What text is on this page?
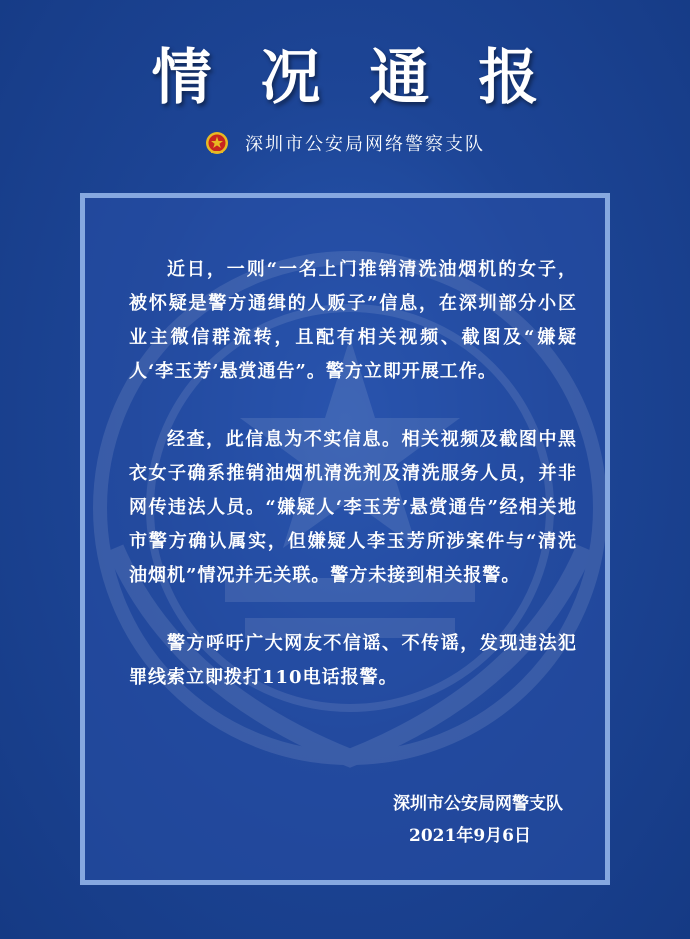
情 况 通 报
深圳市公安局网络警察支队

近日，一则“一名上门推销清洗油烟机的女子，被怀疑是警方通缉的人贩子”信息，在深圳部分小区业主微信群流转，且配有相关视频、截图及“嫌疑人‘李玉芳’悬赏通告”。警方立即开展工作。

经查，此信息为不实信息。相关视频及截图中黑衣女子确系推销油烟机清洗剂及清洗服务人员，并非网传违法人员。“嫌疑人‘李玉芳’悬赏通告”经相关地市警方确认属实，但嫌疑人李玉芳所涉案件与“清洗油烟机”情况并无关联。警方未接到相关报警。

警方呼吁广大网友不信谣、不传谣，发现违法犯罪线索立即拨打110电话报警。

深圳市公安局网警支队
2021年9月6日
